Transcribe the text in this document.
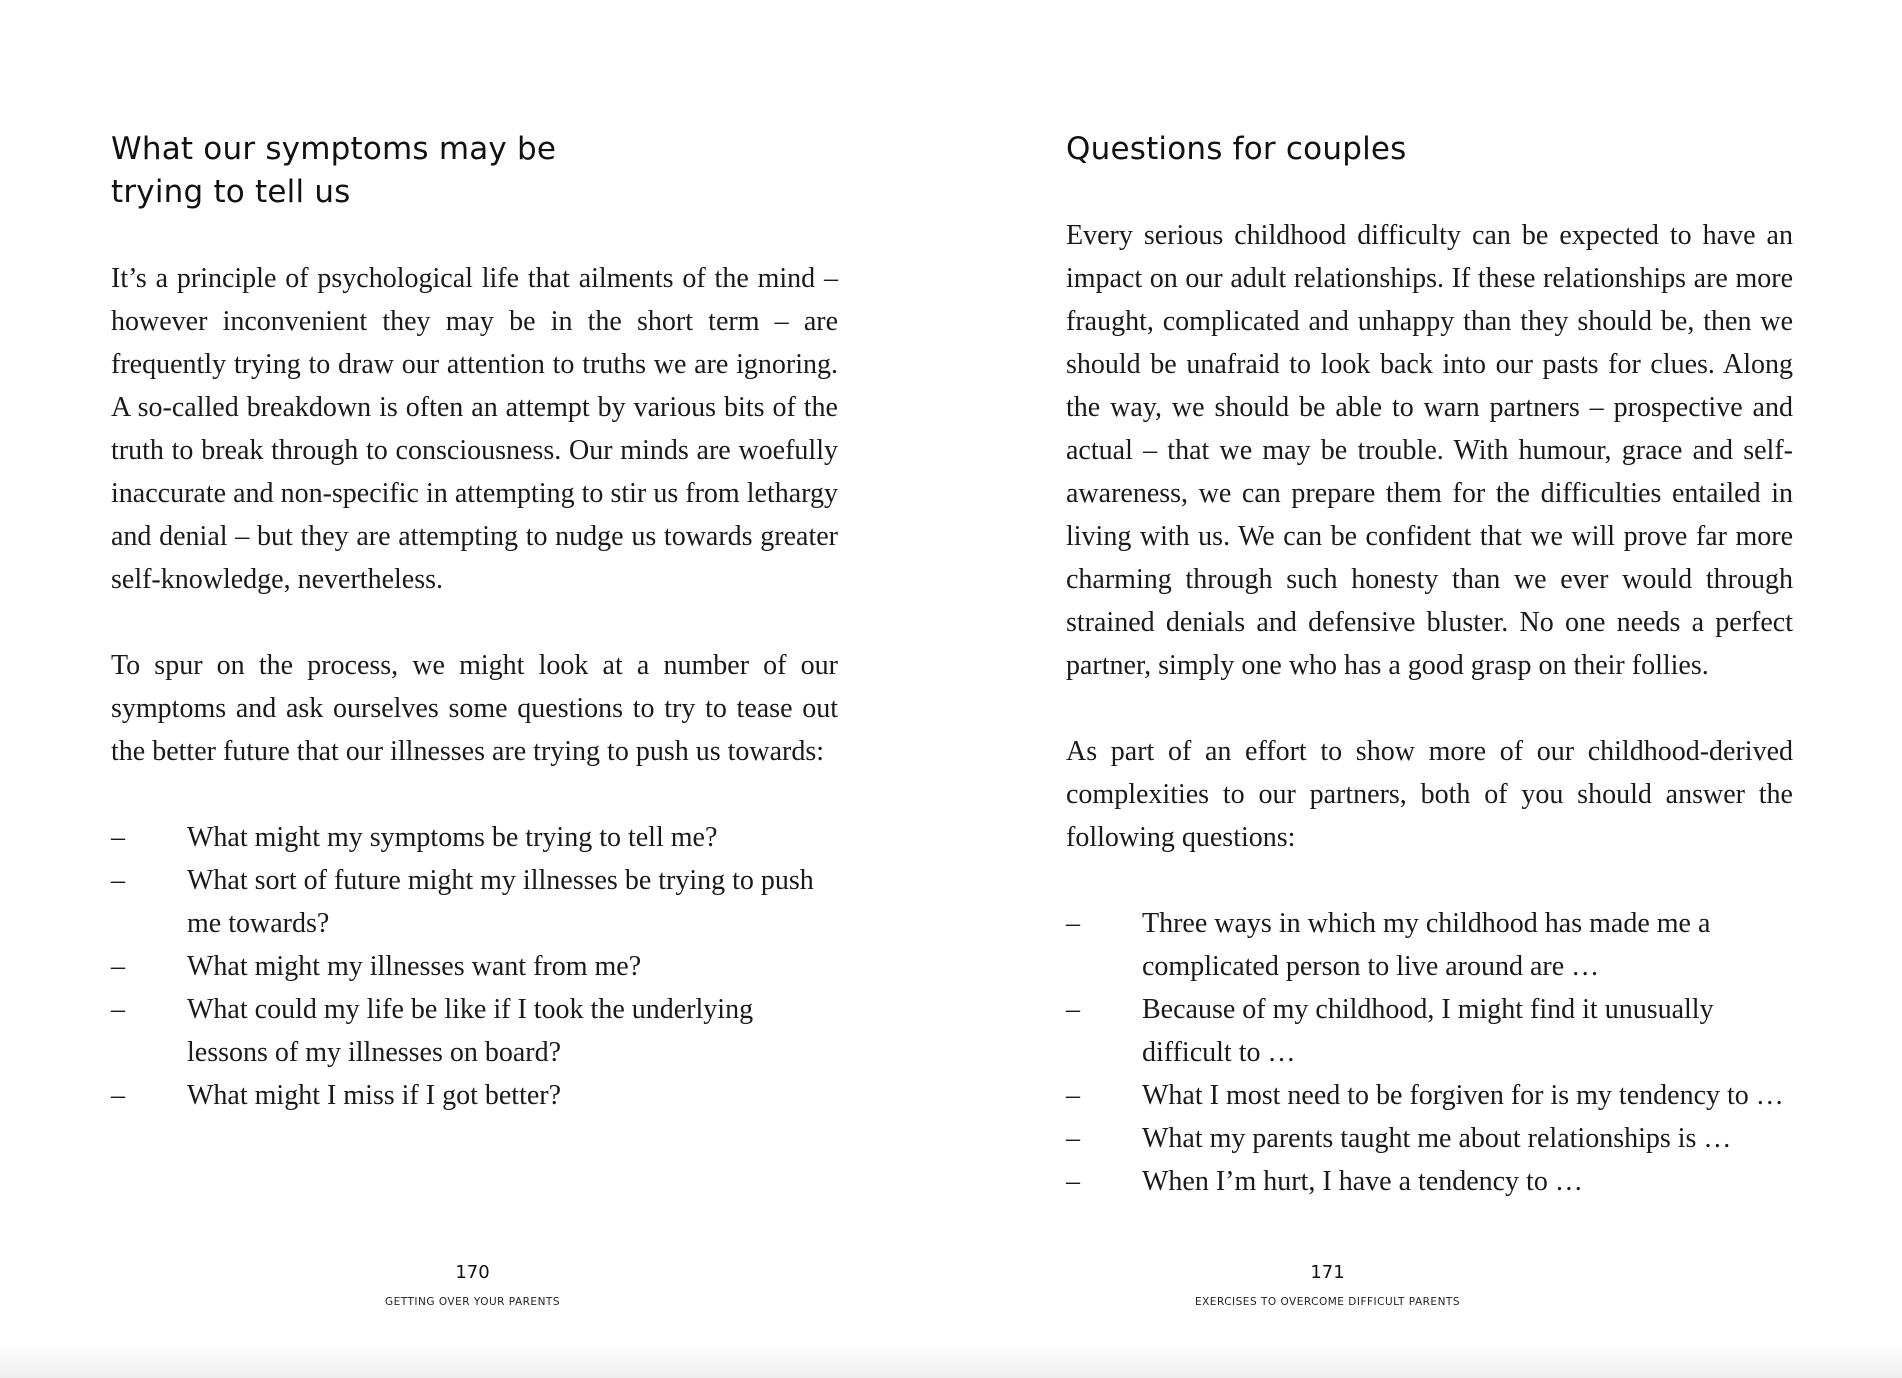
What our symptoms may be
trying to tell us

It’s a principle of psychological life that ailments of the mind – however inconvenient they may be in the short term – are frequently trying to draw our attention to truths we are ignoring. A so-called breakdown is often an attempt by various bits of the truth to break through to consciousness. Our minds are woefully inaccurate and non-specific in attempting to stir us from lethargy and denial – but they are attempting to nudge us towards greater self-knowledge, nevertheless.

To spur on the process, we might look at a number of our symptoms and ask ourselves some questions to try to tease out the better future that our illnesses are trying to push us towards:

– What might my symptoms be trying to tell me?
– What sort of future might my illnesses be trying to push me towards?
– What might my illnesses want from me?
– What could my life be like if I took the underlying lessons of my illnesses on board?
– What might I miss if I got better?
170
GETTING OVER YOUR PARENTS
Questions for couples

Every serious childhood difficulty can be expected to have an impact on our adult relationships. If these relationships are more fraught, complicated and unhappy than they should be, then we should be unafraid to look back into our pasts for clues. Along the way, we should be able to warn partners – prospective and actual – that we may be trouble. With humour, grace and self-awareness, we can prepare them for the difficulties entailed in living with us. We can be confident that we will prove far more charming through such honesty than we ever would through strained denials and defensive bluster. No one needs a perfect partner, simply one who has a good grasp on their follies.

As part of an effort to show more of our childhood-derived complexities to our partners, both of you should answer the following questions:

– Three ways in which my childhood has made me a complicated person to live around are …
– Because of my childhood, I might find it unusually difficult to …
– What I most need to be forgiven for is my tendency to …
– What my parents taught me about relationships is …
– When I’m hurt, I have a tendency to …
171
EXERCISES TO OVERCOME DIFFICULT PARENTS
